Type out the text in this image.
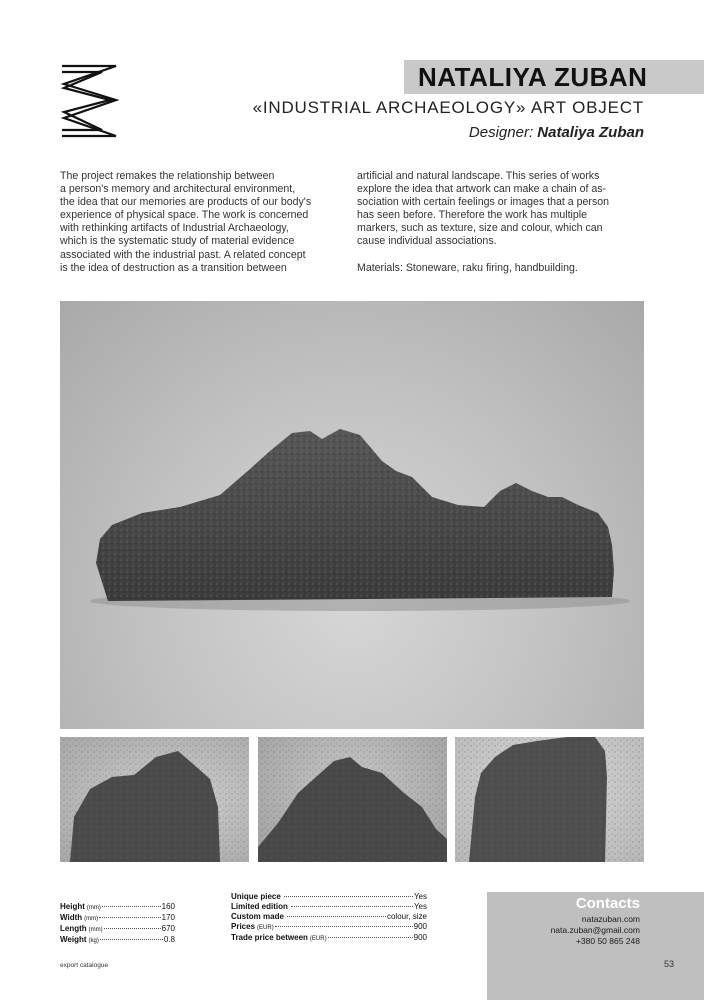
NATALIYA ZUBAN
«INDUSTRIAL ARCHAEOLOGY» ART OBJECT
Designer: Nataliya Zuban
The project remakes the relationship between
a person's memory and architectural environment,
the idea that our memories are products of our body's
experience of physical space. The work is concerned
with rethinking artifacts of Industrial Archaeology,
which is the systematic study of material evidence
associated with the industrial past. A related concept
is the idea of destruction as a transition between
artificial and natural landscape. This series of works
explore the idea that artwork can make a chain of as-
sociation with certain feelings or images that a person
has seen before. Therefore the work has multiple
markers, such as texture, size and colour, which can
cause individual associations.
Materials: Stoneware, raku firing, handbuilding.
Height (mm)	160
Width (mm)	170
Length (mm)	670
Weight (kg)	0.8
Unique piece	Yes
Limited edition	Yes
Custom made	colour, size
Prices (EUR)	900
Trade price between (EUR)	900
Contacts
natazuban.com
nata.zuban@gmail.com
+380 50 865 248
export catalogue	53
